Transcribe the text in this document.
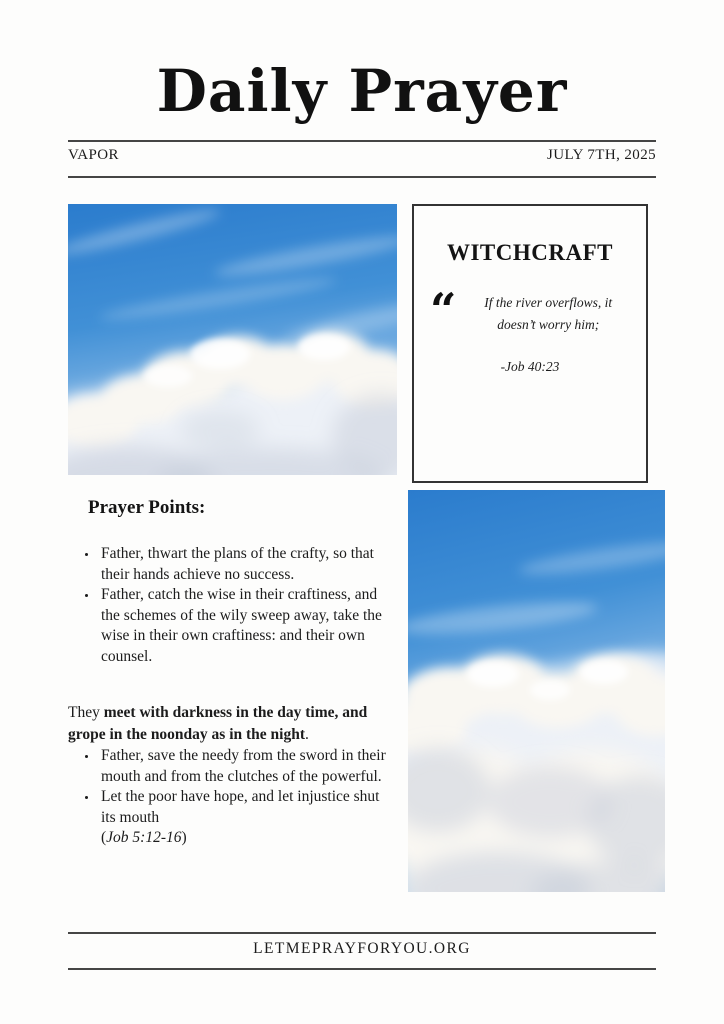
Daily Prayer
VAPOR	JULY 7TH, 2025
WITCHCRAFT
“	If the river overflows, it doesn’t worry him;
-Job 40:23
Prayer Points:
• Father, thwart the plans of the crafty, so that their hands achieve no success.
• Father, catch the wise in their craftiness, and the schemes of the wily sweep away, take the wise in their own craftiness: and their own counsel.

They meet with darkness in the day time, and grope in the noonday as in the night.

• Father, save the needy from the sword in their mouth and from the clutches of the powerful.
• Let the poor have hope, and let injustice shut its mouth
(Job 5:12-16)
LETMEPRAYFORYOU.ORG
